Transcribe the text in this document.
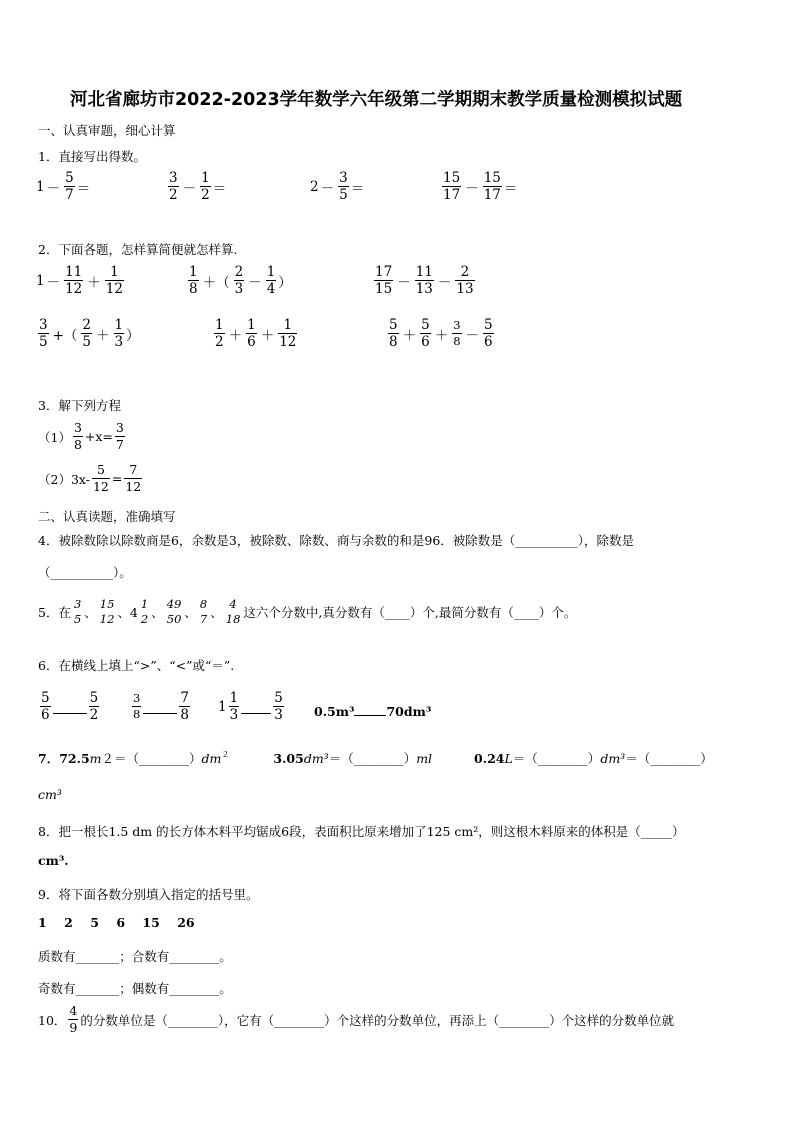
河北省廊坊市2022-2023学年数学六年级第二学期期末教学质量检测模拟试题
一、认真审题，细心计算
1．直接写出得数。
$1 - \frac{5}{7}$ ＝	$\frac{3}{2} - \frac{1}{2}$ ＝	$2 - \frac{3}{5}$ ＝	$\frac{15}{17} - \frac{15}{17}$ ＝
2．下面各题，怎样算简便就怎样算.
$1 - \frac{11}{12} + \frac{1}{12}$	$\frac{1}{8}$ ＋（ $\frac{2}{3} - \frac{1}{4}$ ）	$\frac{17}{15} - \frac{11}{13} - \frac{2}{13}$
$\frac{3}{5}$ +（ $\frac{2}{5} + \frac{1}{3}$ ）	$\frac{1}{2} + \frac{1}{6} + \frac{1}{12}$	$\frac{5}{8} + \frac{5}{6} + \frac{3}{8} - \frac{5}{6}$
3．解下列方程
$(1) \frac{3}{8} +x= \frac{3}{7}$
$(2)3x- \frac{5}{12} = \frac{7}{12}$
二、认真读题，准确填写
4．被除数除以除数商是6，余数是3，被除数、除数、商与余数的和是96．被除数是（__________），除数是
（__________）。
5．在
3
5 、
15
12 、 4
1
2 、
49
50 、
8
7 、
4
18 这六个分数中,真分数有（____）个,最简分数有（____）个。
6．在横线上填上“>”、“<”或“＝”.
$\frac{5}{6}$	$\frac{5}{2}$	$\frac{3}{8}$	$\frac{7}{8} 1 \frac{1}{3}$	$\frac{5}{3} 0.5m^3$	70dm³
7．$72.5m2=(\_\_\_\_\_\_\_\_)dm^2$	3.05dm³＝（________）ml	0.24L＝（________）dm³＝（________）
cm³
8．把一根长1.5 dm 的长方体木料平均锯成6段，表面积比原来增加了125 cm²，则这根木料原来的体积是（_____）
cm³.
9．将下面各数分别填入指定的括号里。
1    2    5    6    15    26
质数有_______；合数有________。
奇数有_______；偶数有________。
10． $\frac{4}{9}$ 的分数单位是（________），它有（________）个这样的分数单位，再添上（________）个这样的分数单位就
